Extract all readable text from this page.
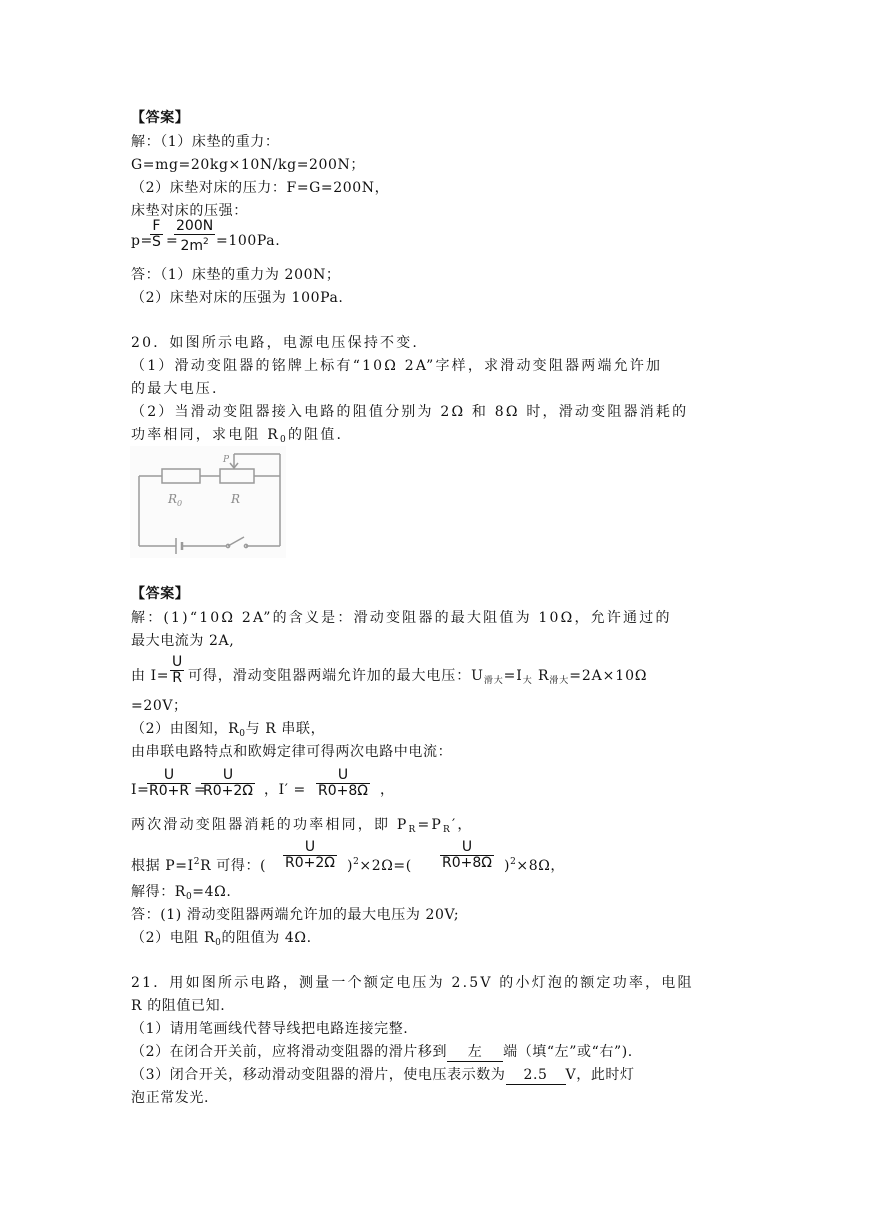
【答案】
解：（1）床垫的重力：
G=mg=20kg×10N/kg=200N；
（2）床垫对床的压力：F=G=200N，
床垫对床的压强：
p=
$\frac{F}{S}$ =
$\frac{200N}{2m^2} =100Pa$.
答：（1）床垫的重力为 200N；
（2）床垫对床的压强为 100Pa.
20．如图所示电路，电源电压保持不变.
（1）滑动变阻器的铭牌上标有“10Ω 2A”字样，求滑动变阻器两端允许加
的最大电压.
（2）当滑动变阻器接入电路的阻值分别为 2Ω 和 8Ω 时，滑动变阻器消耗的
功率相同，求电阻 $R_0$的阻值.
$R_0$	R
P
【答案】
解：(1)“10Ω 2A”的含义是：滑动变阻器的最大阻值为 10Ω，允许通过的
最大电流为 2A,
由 $I= \frac{U}{R}$ 可得，滑动变阻器两端允许加的最大电压：$U_{滑大}=I_大$ $R_{滑大}=2A\times 10\Omega$
=20V；
（2）由图知，$R_0$与 R 串联，
由串联电路特点和欧姆定律可得两次电路中电流：
I=
$\frac{U}{R0+R}$ =
$\frac{U}{R0+2\Omega}$ ，$I' = \frac{U}{R0+8\Omega}$ ，
两次滑动变阻器消耗的功率相同，即 $P_R=P_R'$，
根据 $P=I^2R$ 可得：( $\frac{U}{R0+2\Omega} )^2\times 2\Omega=( \frac{U}{R0+8\Omega} )^2\times 8\Omega$，
解得：$R_0=4\Omega$.
答：(1) 滑动变阻器两端允许加的最大电压为 20V;
（2）电阻 $R_0$的阻值为 4Ω.
21．用如图所示电路，测量一个额定电压为 2.5V 的小灯泡的额定功率，电阻
R 的阻值已知.
（1）请用笔画线代替导线把电路连接完整.
（2）在闭合开关前，应将滑动变阻器的滑片移到 左 端（填“左”或“右”).
（3）闭合开关，移动滑动变阻器的滑片，使电压表示数为 2.5 V，此时灯
泡正常发光.
